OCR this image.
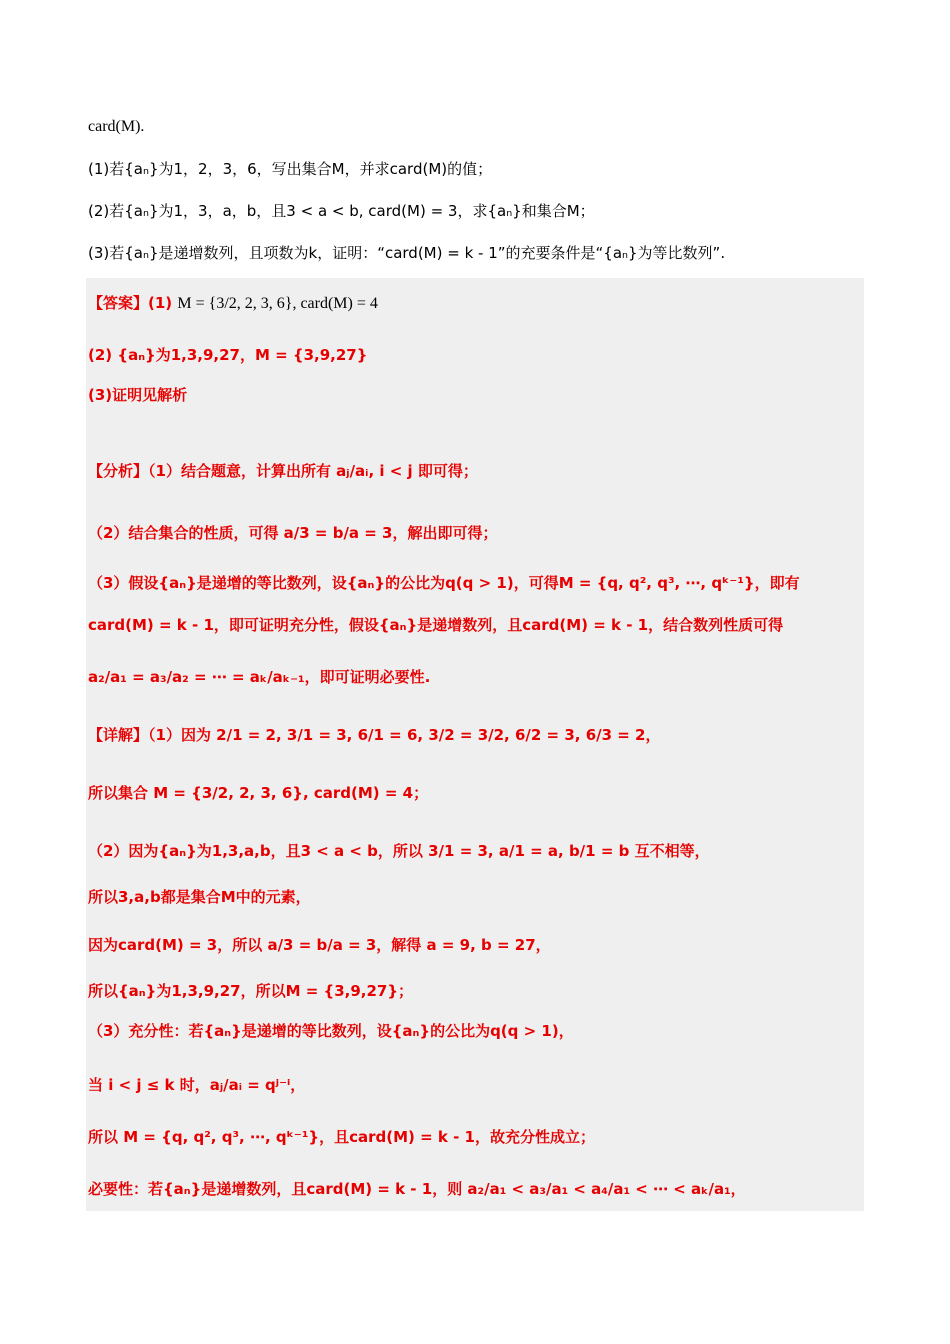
card(M).
(1)若{aₙ}为1，2，3，6，写出集合M，并求card(M)的值；
(2)若{aₙ}为1，3，a，b，且3 < a < b, card(M) = 3，求{aₙ}和集合M；
(3)若{aₙ}是递增数列，且项数为k，证明：“card(M) = k - 1”的充要条件是“{aₙ}为等比数列”.
【答案】(1) M = {3/2, 2, 3, 6}, card(M) = 4
(2) {aₙ}为1,3,9,27，M = {3,9,27}
(3)证明见解析
【分析】（1）结合题意，计算出所有 aⱼ/aᵢ, i < j 即可得；
（2）结合集合的性质，可得 a/3 = b/a = 3，解出即可得；
（3）假设{aₙ}是递增的等比数列，设{aₙ}的公比为q(q > 1)，可得M = {q, q², q³, ⋯, qᵏ⁻¹}，即有
card(M) = k - 1，即可证明充分性，假设{aₙ}是递增数列，且card(M) = k - 1，结合数列性质可得
a₂/a₁ = a₃/a₂ = ⋯ = aₖ/aₖ₋₁，即可证明必要性.
【详解】（1）因为 2/1 = 2, 3/1 = 3, 6/1 = 6, 3/2 = 3/2, 6/2 = 3, 6/3 = 2，
所以集合 M = {3/2, 2, 3, 6}, card(M) = 4；
（2）因为{aₙ}为1,3,a,b，且3 < a < b，所以 3/1 = 3, a/1 = a, b/1 = b 互不相等，
所以3,a,b都是集合M中的元素，
因为card(M) = 3，所以 a/3 = b/a = 3，解得 a = 9, b = 27，
所以{aₙ}为1,3,9,27，所以M = {3,9,27}；
（3）充分性：若{aₙ}是递增的等比数列，设{aₙ}的公比为q(q > 1)，
当 i < j ≤ k 时，aⱼ/aᵢ = qʲ⁻ⁱ，
所以 M = {q, q², q³, ⋯, qᵏ⁻¹}，且card(M) = k - 1，故充分性成立；
必要性：若{aₙ}是递增数列，且card(M) = k - 1，则 a₂/a₁ < a₃/a₁ < a₄/a₁ < ⋯ < aₖ/a₁，
